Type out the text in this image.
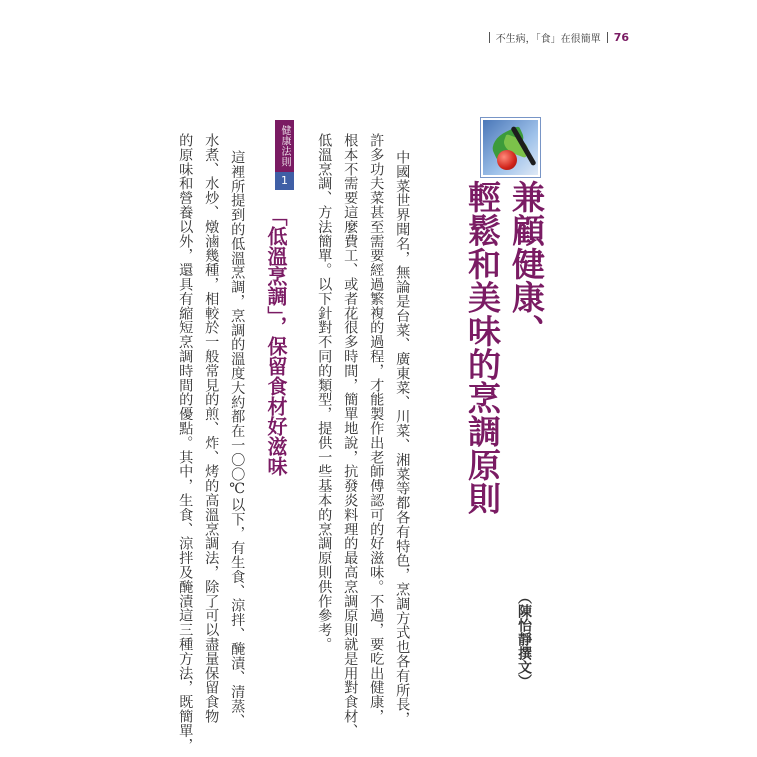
不生病，「食」在很簡單 76
兼顧健康、
輕鬆和美味的烹調原則
（陳怡靜撰文）
中國菜世界聞名，無論是台菜、廣東菜、川菜、湘菜等都各有特色，烹調方式也各有所長，
許多功夫菜甚至需要經過繁複的過程，才能製作出老師傅認可的好滋味。不過，要吃出健康，
根本不需要這麼費工、或者花很多時間，簡單地說，抗發炎料理的最高烹調原則就是用對食材、
低溫烹調、方法簡單。以下針對不同的類型，提供一些基本的烹調原則供作參考。
健康法則
1
「低溫烹調」，保留食材好滋味
這裡所提到的低溫烹調，烹調的溫度大約都在一〇〇℃以下，有生食、涼拌、醃漬、清蒸、
水煮、水炒、燉滷幾種，相較於一般常見的煎、炸、烤的高溫烹調法，除了可以盡量保留食物
的原味和營養以外，還具有縮短烹調時間的優點。其中，生食、涼拌及醃漬這三種方法，既簡單，
